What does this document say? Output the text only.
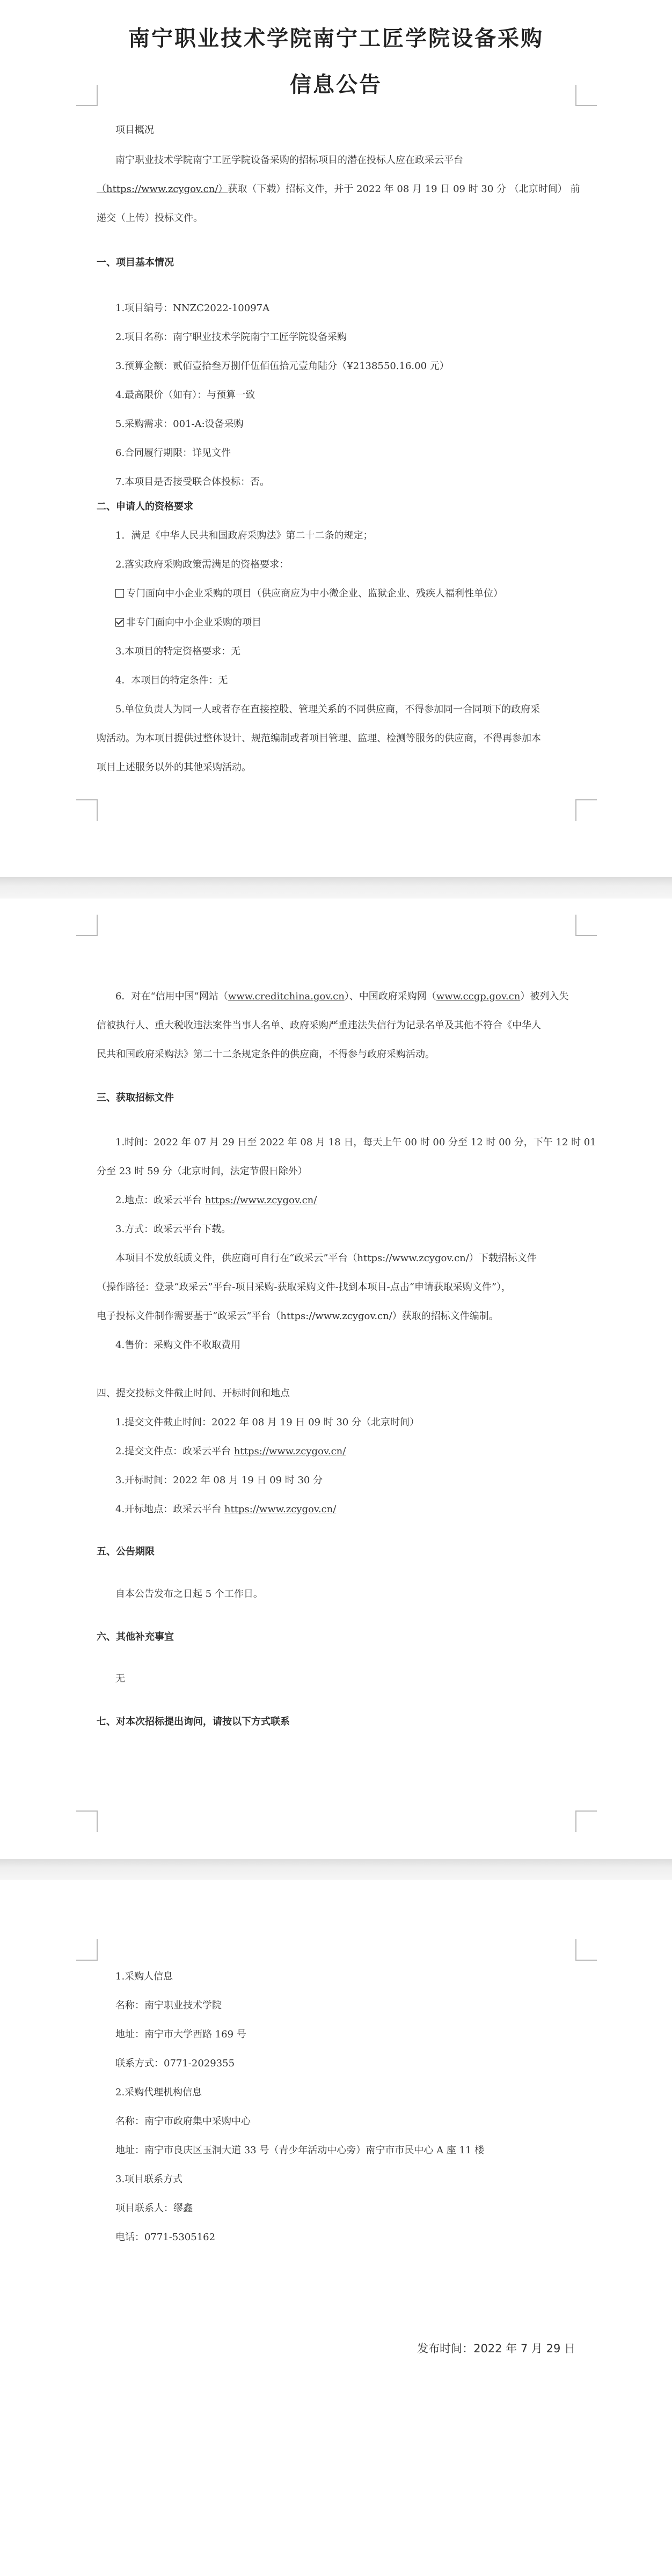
南宁职业技术学院南宁工匠学院设备采购
信息公告
项目概况
南宁职业技术学院南宁工匠学院设备采购的招标项目的潜在投标人应在政采云平台
（https://www.zcygov.cn/）获取（下载）招标文件，并于 2022 年 08 月 19 日 09 时 30 分 （北京时间） 前
递交（上传）投标文件。
一、项目基本情况
1.项目编号：NNZC2022-10097A
2.项目名称：南宁职业技术学院南宁工匠学院设备采购
3.预算金额：贰佰壹拾叁万捌仟伍佰伍拾元壹角陆分（¥2138550.16.00 元）
4.最高限价（如有）：与预算一致
5.采购需求：001-A:设备采购
6.合同履行期限：详见文件
7.本项目是否接受联合体投标：否。
二、申请人的资格要求
1．满足《中华人民共和国政府采购法》第二十二条的规定；
2.落实政府采购政策需满足的资格要求：
专门面向中小企业采购的项目（供应商应为中小微企业、监狱企业、残疾人福利性单位）
非专门面向中小企业采购的项目
3.本项目的特定资格要求：无
4．本项目的特定条件：无
5.单位负责人为同一人或者存在直接控股、管理关系的不同供应商，不得参加同一合同项下的政府采
购活动。为本项目提供过整体设计、规范编制或者项目管理、监理、检测等服务的供应商，不得再参加本
项目上述服务以外的其他采购活动。
6．对在“信用中国”网站（www.creditchina.gov.cn）、中国政府采购网（www.ccgp.gov.cn）被列入失
信被执行人、重大税收违法案件当事人名单、政府采购严重违法失信行为记录名单及其他不符合《中华人
民共和国政府采购法》第二十二条规定条件的供应商，不得参与政府采购活动。
三、获取招标文件
1.时间：2022 年 07 月 29 日至 2022 年 08 月 18 日，每天上午 00 时 00 分至 12 时 00 分，下午 12 时 01
分至 23 时 59 分（北京时间，法定节假日除外）
2.地点：政采云平台 https://www.zcygov.cn/
3.方式：政采云平台下载。
本项目不发放纸质文件，供应商可自行在“政采云”平台（https://www.zcygov.cn/）下载招标文件
（操作路径：登录“政采云”平台-项目采购-获取采购文件-找到本项目-点击“申请获取采购文件”），
电子投标文件制作需要基于“政采云”平台（https://www.zcygov.cn/）获取的招标文件编制。
4.售价：采购文件不收取费用
四、提交投标文件截止时间、开标时间和地点
1.提交文件截止时间：2022 年 08 月 19 日 09 时 30 分（北京时间）
2.提交文件点：政采云平台 https://www.zcygov.cn/
3.开标时间：2022 年 08 月 19 日 09 时 30 分
4.开标地点：政采云平台 https://www.zcygov.cn/
五、公告期限
自本公告发布之日起 5 个工作日。
六、其他补充事宜
无
七、对本次招标提出询问，请按以下方式联系
1.采购人信息
名称：南宁职业技术学院
地址：南宁市大学西路 169 号
联系方式：0771-2029355
2.采购代理机构信息
名称：南宁市政府集中采购中心
地址：南宁市良庆区玉洞大道 33 号（青少年活动中心旁）南宁市市民中心 A 座 11 楼
3.项目联系方式
项目联系人：缪鑫
电话：0771-5305162
发布时间：2022 年 7 月 29 日
